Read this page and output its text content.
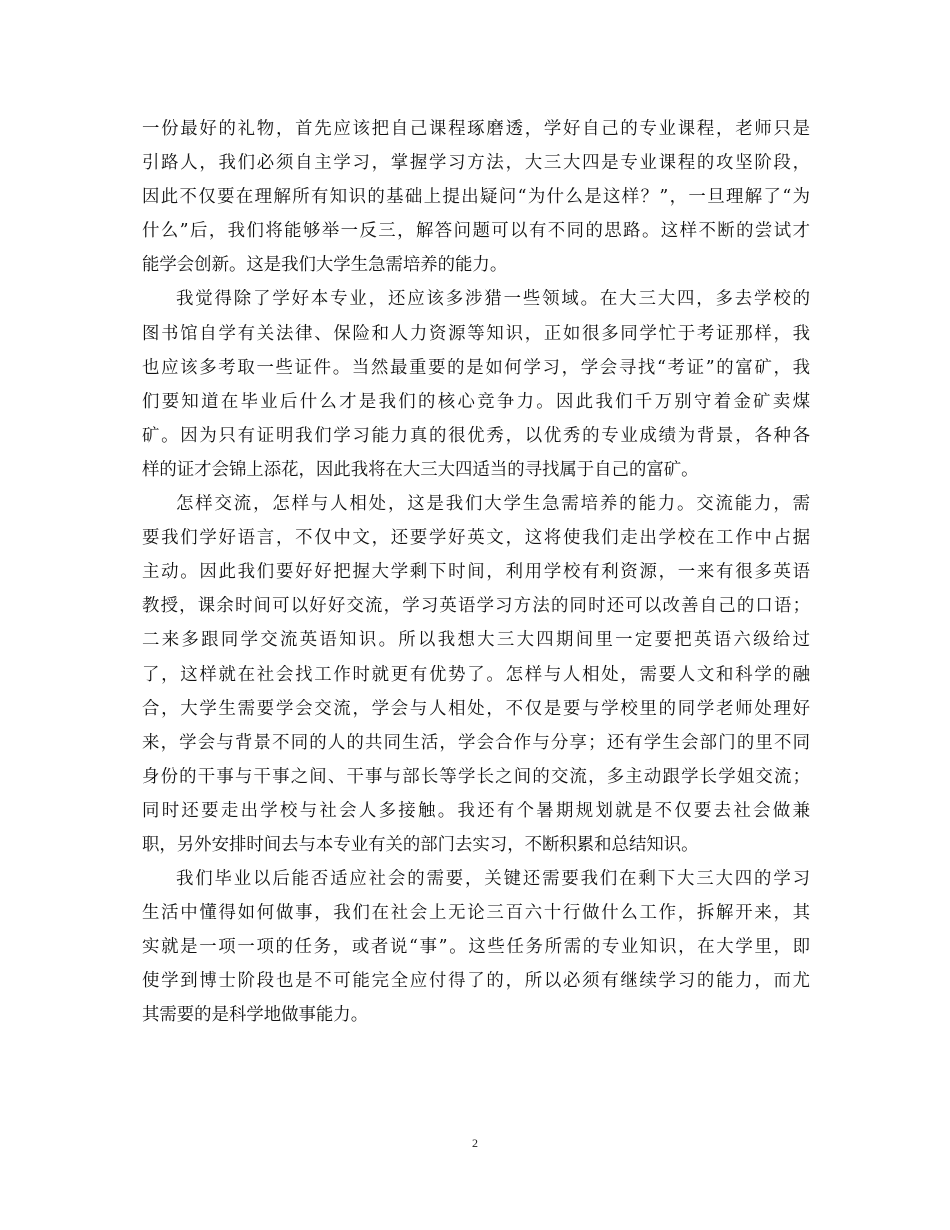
一份最好的礼物，首先应该把自己课程琢磨透，学好自己的专业课程，老师只是
引路人，我们必须自主学习，掌握学习方法，大三大四是专业课程的攻坚阶段，
因此不仅要在理解所有知识的基础上提出疑问“为什么是这样？”，一旦理解了“为
什么”后，我们将能够举一反三，解答问题可以有不同的思路。这样不断的尝试才
能学会创新。这是我们大学生急需培养的能力。
我觉得除了学好本专业，还应该多涉猎一些领域。在大三大四，多去学校的
图书馆自学有关法律、保险和人力资源等知识，正如很多同学忙于考证那样，我
也应该多考取一些证件。当然最重要的是如何学习，学会寻找“考证”的富矿，我
们要知道在毕业后什么才是我们的核心竞争力。因此我们千万别守着金矿卖煤
矿。因为只有证明我们学习能力真的很优秀，以优秀的专业成绩为背景，各种各
样的证才会锦上添花，因此我将在大三大四适当的寻找属于自己的富矿。
怎样交流，怎样与人相处，这是我们大学生急需培养的能力。交流能力，需
要我们学好语言，不仅中文，还要学好英文，这将使我们走出学校在工作中占据
主动。因此我们要好好把握大学剩下时间，利用学校有利资源，一来有很多英语
教授，课余时间可以好好交流，学习英语学习方法的同时还可以改善自己的口语；
二来多跟同学交流英语知识。所以我想大三大四期间里一定要把英语六级给过
了，这样就在社会找工作时就更有优势了。怎样与人相处，需要人文和科学的融
合，大学生需要学会交流，学会与人相处，不仅是要与学校里的同学老师处理好
来，学会与背景不同的人的共同生活，学会合作与分享；还有学生会部门的里不同
身份的干事与干事之间、干事与部长等学长之间的交流，多主动跟学长学姐交流；
同时还要走出学校与社会人多接触。我还有个暑期规划就是不仅要去社会做兼
职，另外安排时间去与本专业有关的部门去实习，不断积累和总结知识。
我们毕业以后能否适应社会的需要，关键还需要我们在剩下大三大四的学习
生活中懂得如何做事，我们在社会上无论三百六十行做什么工作，拆解开来，其
实就是一项一项的任务，或者说“事”。这些任务所需的专业知识，在大学里，即
使学到博士阶段也是不可能完全应付得了的，所以必须有继续学习的能力，而尤
其需要的是科学地做事能力。
2
